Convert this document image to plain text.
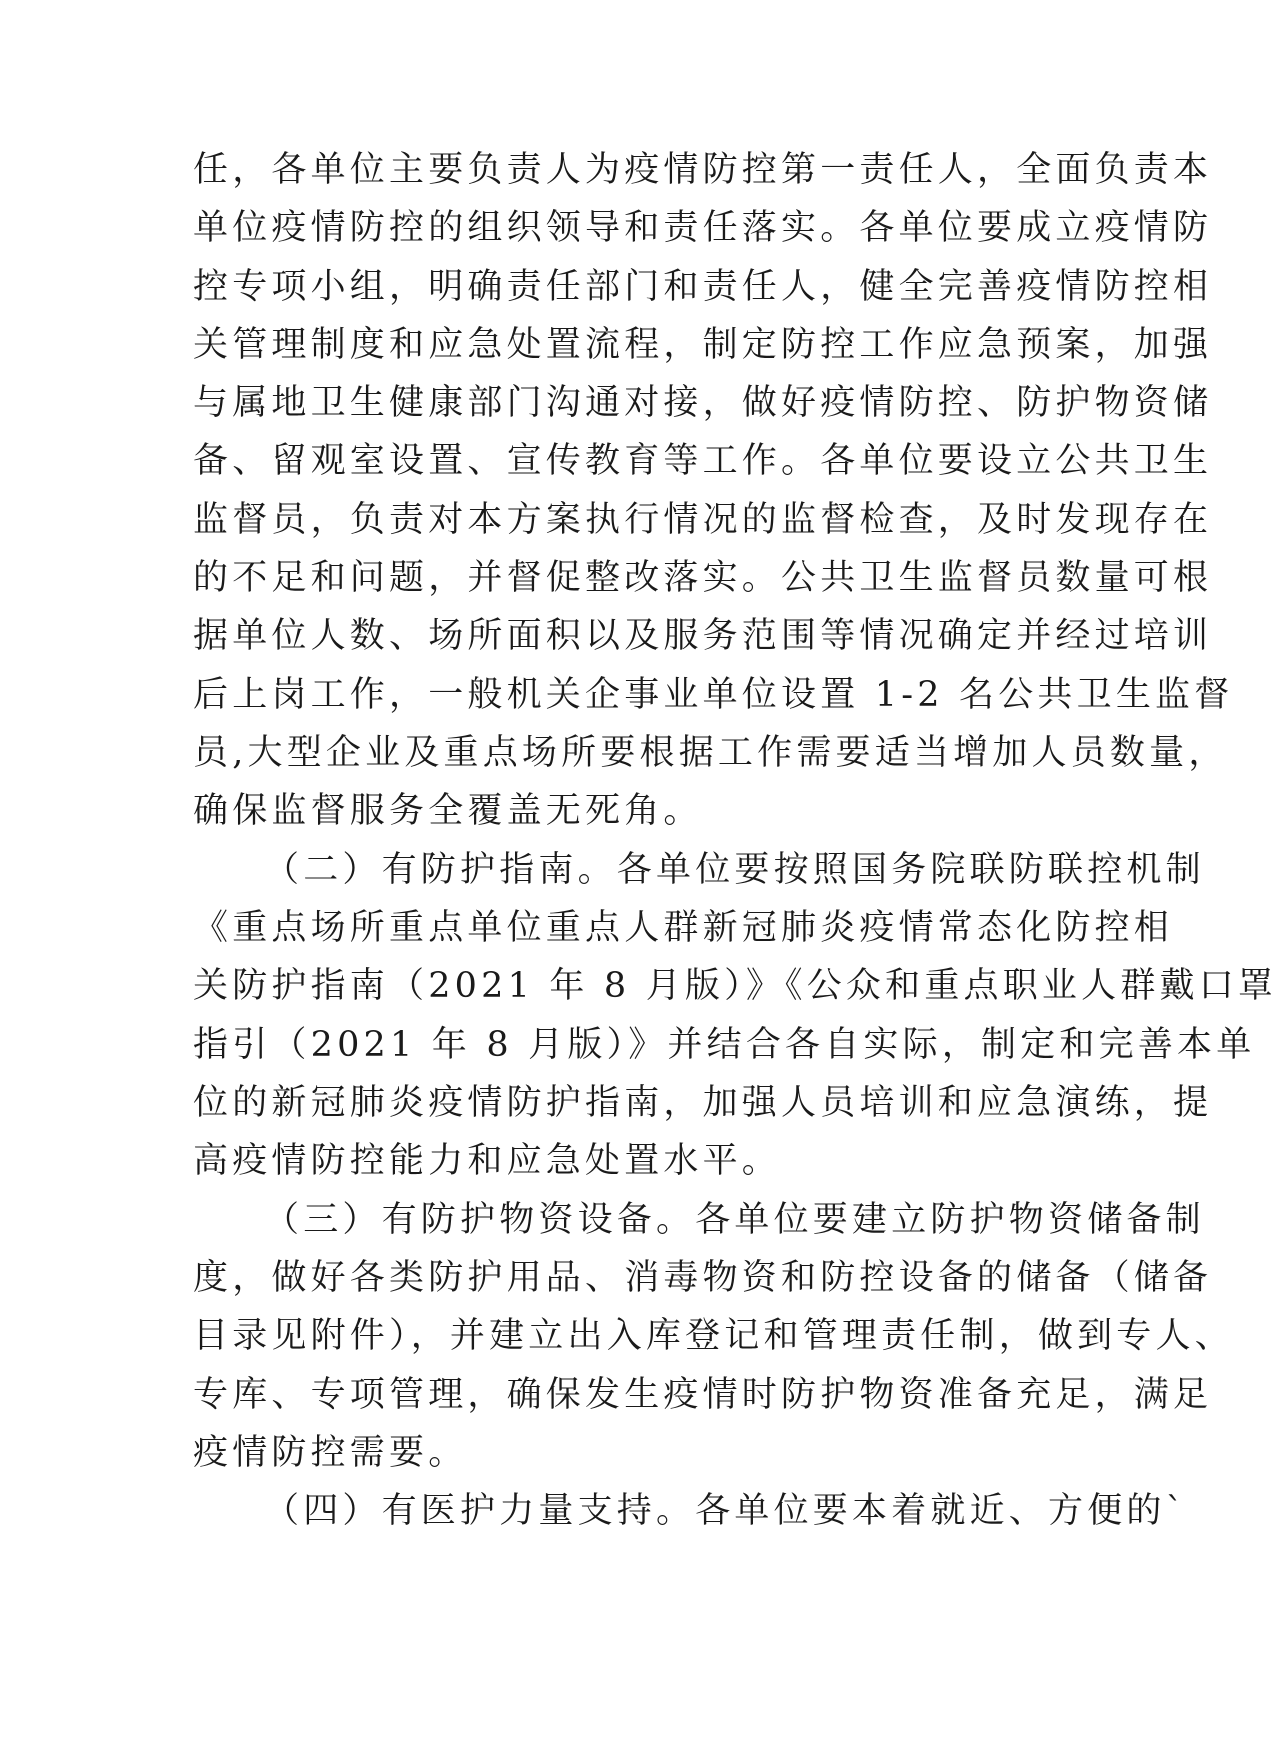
任，各单位主要负责人为疫情防控第一责任人，全面负责本
单位疫情防控的组织领导和责任落实。各单位要成立疫情防
控专项小组，明确责任部门和责任人，健全完善疫情防控相
关管理制度和应急处置流程，制定防控工作应急预案，加强
与属地卫生健康部门沟通对接，做好疫情防控、防护物资储
备、留观室设置、宣传教育等工作。各单位要设立公共卫生
监督员，负责对本方案执行情况的监督检查，及时发现存在
的不足和问题，并督促整改落实。公共卫生监督员数量可根
据单位人数、场所面积以及服务范围等情况确定并经过培训
后上岗工作，一般机关企事业单位设置 1-2 名公共卫生监督
员,大型企业及重点场所要根据工作需要适当增加人员数量，
确保监督服务全覆盖无死角。
（二）有防护指南。各单位要按照国务院联防联控机制
《重点场所重点单位重点人群新冠肺炎疫情常态化防控相
关防护指南（2021 年 8 月版）》《公众和重点职业人群戴口罩
指引（2021 年 8 月版）》并结合各自实际，制定和完善本单
位的新冠肺炎疫情防护指南，加强人员培训和应急演练，提
高疫情防控能力和应急处置水平。
（三）有防护物资设备。各单位要建立防护物资储备制
度，做好各类防护用品、消毒物资和防控设备的储备（储备
目录见附件），并建立出入库登记和管理责任制，做到专人、
专库、专项管理，确保发生疫情时防护物资准备充足，满足
疫情防控需要。
（四）有医护力量支持。各单位要本着就近、方便的`
